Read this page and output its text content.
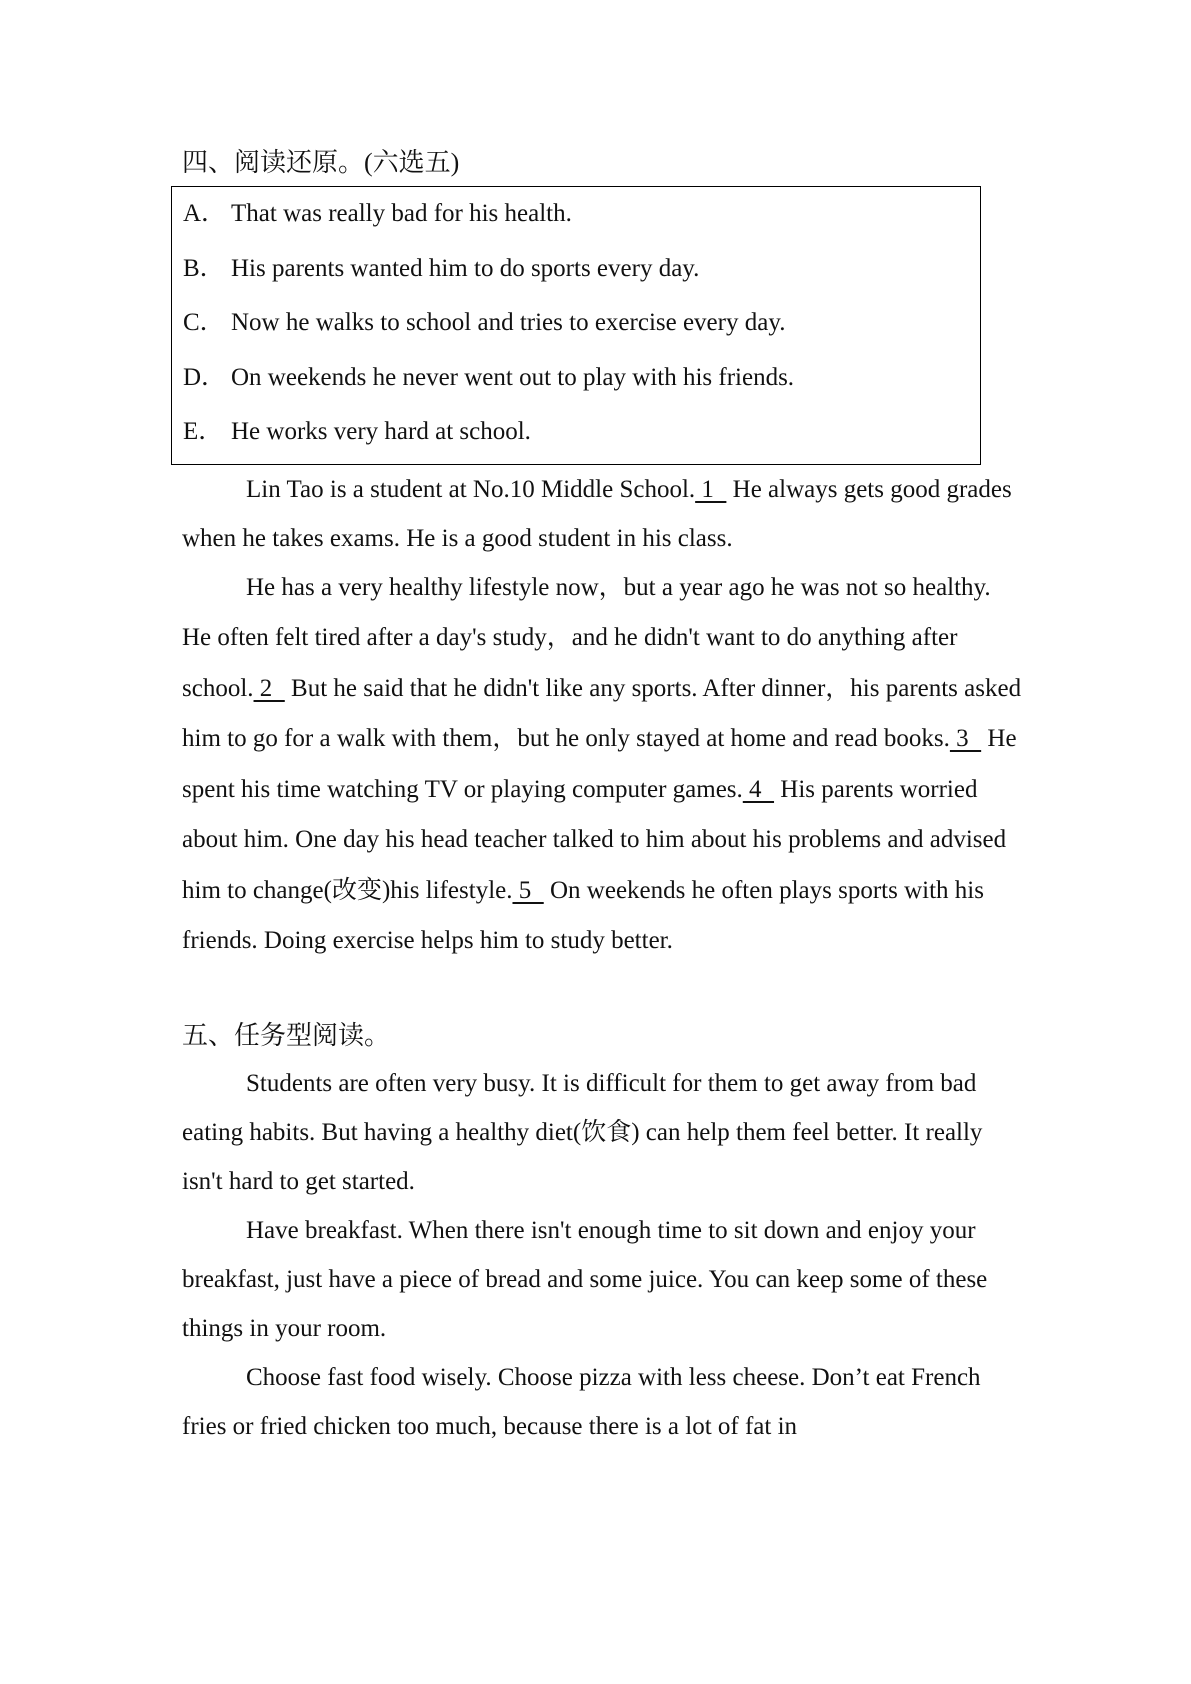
四、阅读还原。(六选五)

A． That was really bad for his health.
B． His parents wanted him to do sports every day.
C． Now he walks to school and tries to exercise every day.
D． On weekends he never went out to play with his friends.
E． He works very hard at school.

Lin Tao is a student at No.10 Middle School. 1   He always gets good grades when he takes exams. He is a good student in his class.

He has a very healthy lifestyle now，but a year ago he was not so healthy. He often felt tired after a day's study，and he didn't want to do anything after school. 2   But he said that he didn't like any sports. After dinner，his parents asked him to go for a walk with them，but he only stayed at home and read books. 3   He spent his time watching TV or playing computer games. 4   His parents worried about him. One day his head teacher talked to him about his problems and advised him to change(改变)his lifestyle. 5   On weekends he often plays sports with his friends. Doing exercise helps him to study better.

五、任务型阅读。

Students are often very busy. It is difficult for them to get away from bad eating habits. But having a healthy diet(饮食) can help them feel better. It really isn't hard to get started.

Have breakfast. When there isn't enough time to sit down and enjoy your breakfast, just have a piece of bread and some juice. You can keep some of these things in your room.

Choose fast food wisely. Choose pizza with less cheese. Don’t eat French fries or fried chicken too much, because there is a lot of fat in
